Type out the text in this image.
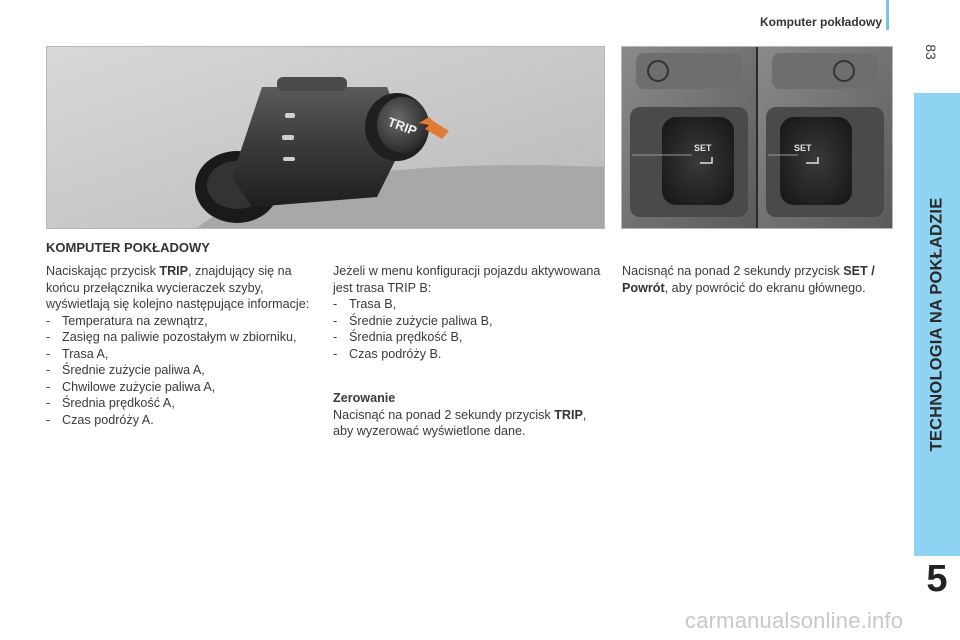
Komputer pokładowy
83
TECHNOLOGIA NA POKŁADZIE
5
TRIP
SET	SET
KOMPUTER POKŁADOWY

Naciskając przycisk TRIP, znajdujący się na końcu przełącznika wycieraczek szyby, wyświetlają się kolejno następujące informacje:

- Temperatura na zewnątrz,

- Zasięg na paliwie pozostałym w zbiorniku,

- Trasa A,

- Średnie zużycie paliwa A,

- Chwilowe zużycie paliwa A,

- Średnia prędkość A,

- Czas podróży A.

Jeżeli w menu konfiguracji pojazdu aktywowana jest trasa TRIP B:

- Trasa B,

- Średnie zużycie paliwa B,

- Średnia prędkość B,

- Czas podróży B.

Zerowanie

Nacisnąć na ponad 2 sekundy przycisk TRIP, aby wyzerować wyświetlone dane.

Nacisnąć na ponad 2 sekundy przycisk SET / Powrót, aby powrócić do ekranu głównego.

carmanualsonline.info
